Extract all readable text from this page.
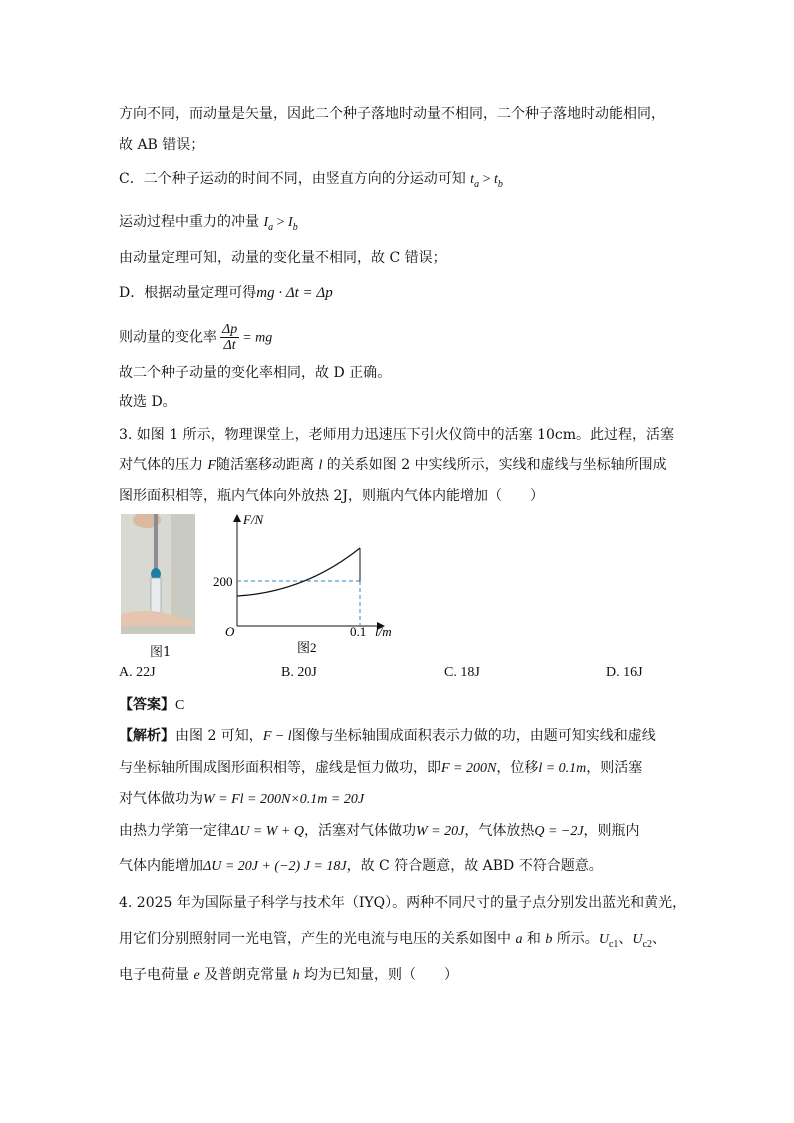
方向不同，而动量是矢量，因此二个种子落地时动量不相同，二个种子落地时动能相同，
故 AB 错误；
C．二个种子运动的时间不同，由竖直方向的分运动可知 $t_a > t_b$
运动过程中重力的冲量 $I_a > I_b$
由动量定理可知，动量的变化量不相同，故 C 错误；
D．根据动量定理可得mg · Δt = Δp
则动量的变化率 $\frac{\Delta p}{\Delta t}$ = mg
故二个种子动量的变化率相同，故 D 正确。
故选 D。
3. 如图 1 所示，物理课堂上，老师用力迅速压下引火仪筒中的活塞 10cm。此过程，活塞
对气体的压力 F随活塞移动距离 l 的关系如图 2 中实线所示，实线和虚线与坐标轴所围成
图形面积相等，瓶内气体向外放热 2J，则瓶内气体内能增加（　　）
图1
F/N
200
O	0.1 l/m
图2
A. 22J	B. 20J	C. 18J	D. 16J
【答案】C
【解析】由图 2 可知，F − l图像与坐标轴围成面积表示力做的功，由题可知实线和虚线
与坐标轴所围成图形面积相等，虚线是恒力做功，即F = 200N，位移l = 0.1m，则活塞
对气体做功为W = Fl = 200N×0.1m = 20J
由热力学第一定律ΔU = W + Q，活塞对气体做功W = 20J，气体放热Q = −2J，则瓶内
气体内能增加ΔU = 20J + (−2) J = 18J，故 C 符合题意，故 ABD 不符合题意。
4. 2025 年为国际量子科学与技术年（IYQ）。两种不同尺寸的量子点分别发出蓝光和黄光，
用它们分别照射同一光电管，产生的光电流与电压的关系如图中 a 和 b 所示。$U_{c1}$、$U_{c2}$、
电子电荷量 e 及普朗克常量 h 均为已知量，则（　　）
